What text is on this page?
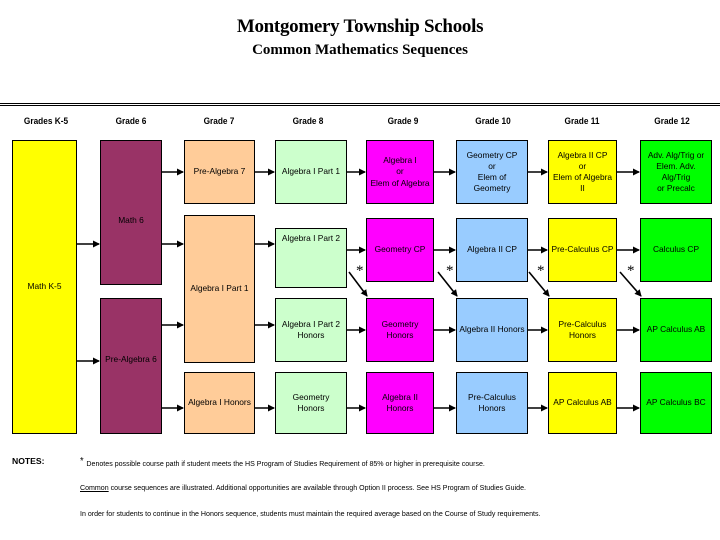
Montgomery Township Schools
Common Mathematics Sequences
Grades K-5	Grade 6	Grade 7	Grade 8	Grade 9	Grade 10	Grade 11	Grade 12
Math K-5
Math 6
Pre-Algebra 6
Pre-Algebra 7
Algebra I Part 1
Algebra I Honors
Algebra I Part 1
Algebra I Part 2
Algebra I Part 2
Honors
Geometry Honors
Algebra I
or
Elem of Algebra
Geometry CP
Geometry Honors
Algebra II Honors
Geometry CP
or
Elem of Geometry
Algebra II CP
Algebra II Honors
Pre-Calculus
Honors
Algebra II CP
or
Elem of Algebra II
Pre-Calculus CP
Pre-Calculus
Honors
AP Calculus AB
Adv. Alg/Trig or
Elem. Adv. Alg/Trig
or Precalc
Calculus CP
AP Calculus AB
AP Calculus BC
*	*	*	*
NOTES:	* Denotes possible course path if student meets the HS Program of Studies Requirement of 85% or higher in prerequisite course.
Common course sequences are illustrated. Additional opportunities are available through Option II process. See HS Program of Studies Guide.
In order for students to continue in the Honors sequence, students must maintain the required average based on the Course of Study requirements.
